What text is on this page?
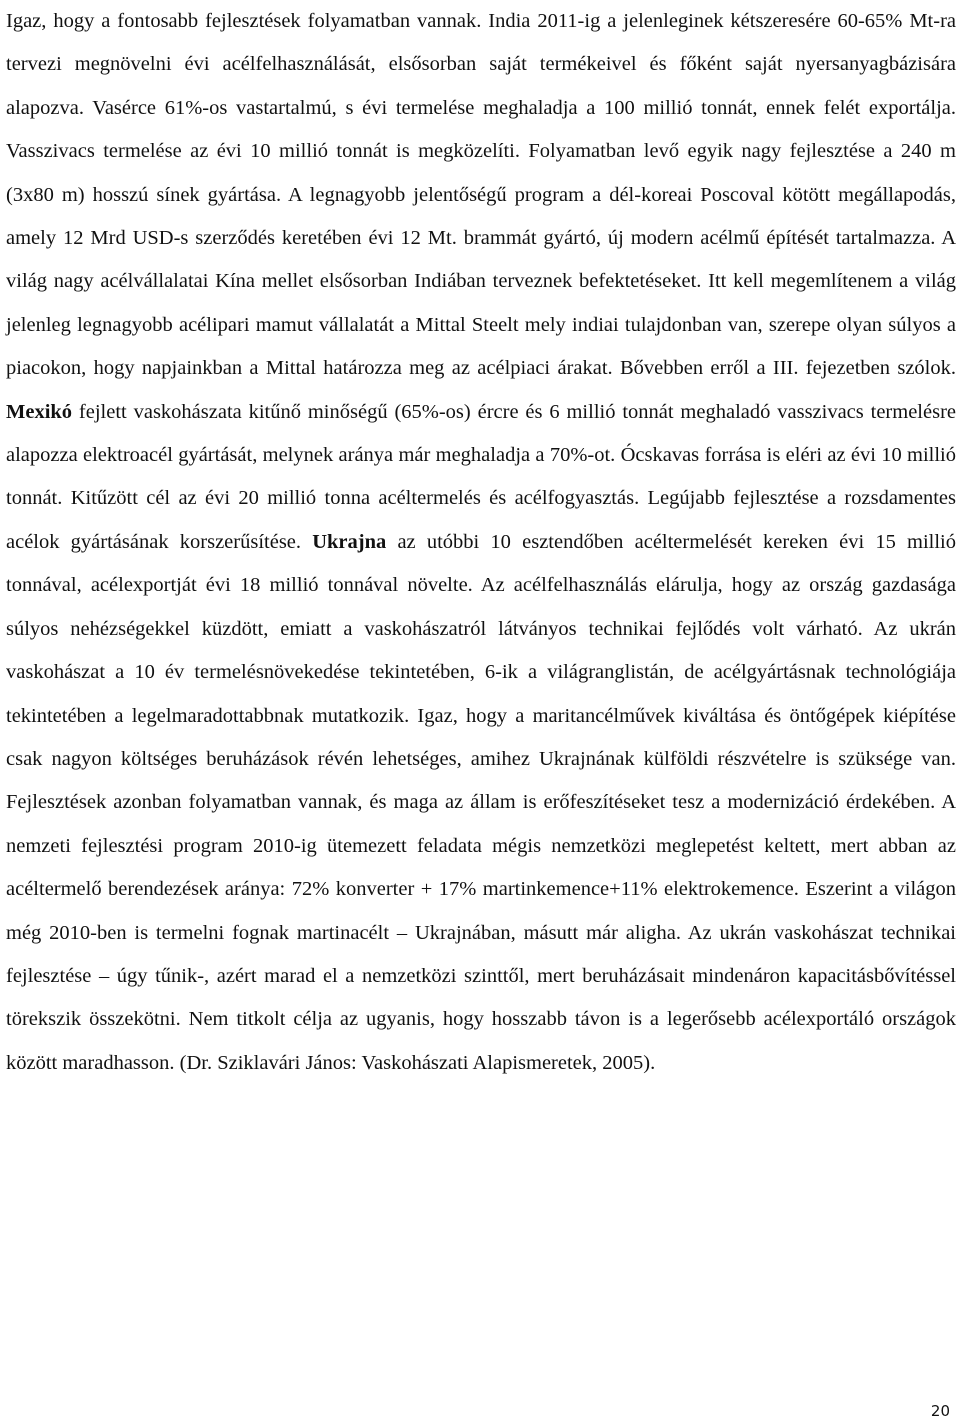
Igaz, hogy a fontosabb fejlesztések folyamatban vannak. India 2011-ig a jelenleginek kétszeresére 60-65% Mt-ra tervezi megnövelni évi acélfelhasználását, elsősorban saját termékeivel és főként saját nyersanyagbázisára alapozva. Vasérce 61%-os vastartalmú, s évi termelése meghaladja a 100 millió tonnát, ennek felét exportálja. Vasszivacs termelése az évi 10 millió tonnát is megközelíti. Folyamatban levő egyik nagy fejlesztése a 240 m (3x80 m) hosszú sínek gyártása. A legnagyobb jelentőségű program a dél-koreai Poscoval kötött megállapodás, amely 12 Mrd USD-s szerződés keretében évi 12 Mt. brammát gyártó, új modern acélmű építését tartalmazza. A világ nagy acélvállalatai Kína mellet elsősorban Indiában terveznek befektetéseket. Itt kell megemlítenem a világ jelenleg legnagyobb acélipari mamut vállalatát a Mittal Steelt mely indiai tulajdonban van, szerepe olyan súlyos a piacokon, hogy napjainkban a Mittal határozza meg az acélpiaci árakat. Bővebben erről a III. fejezetben szólok. Mexikó fejlett vaskohászata kitűnő minőségű (65%-os) ércre és 6 millió tonnát meghaladó vasszivacs termelésre alapozza elektroacél gyártását, melynek aránya már meghaladja a 70%-ot. Ócskavas forrása is eléri az évi 10 millió tonnát. Kitűzött cél az évi 20 millió tonna acéltermelés és acélfogyasztás. Legújabb fejlesztése a rozsdamentes acélok gyártásának korszerűsítése. Ukrajna az utóbbi 10 esztendőben acéltermelését kereken évi 15 millió tonnával, acélexportját évi 18 millió tonnával növelte. Az acélfelhasználás elárulja, hogy az ország gazdasága súlyos nehézségekkel küzdött, emiatt a vaskohászatról látványos technikai fejlődés volt várható. Az ukrán vaskohászat a 10 év termelésnövekedése tekintetében, 6-ik a világranglistán, de acélgyártásnak technológiája tekintetében a legelmaradottabbnak mutatkozik. Igaz, hogy a maritancélművek kiváltása és öntőgépek kiépítése csak nagyon költséges beruházások révén lehetséges, amihez Ukrajnának külföldi részvételre is szüksége van. Fejlesztések azonban folyamatban vannak, és maga az állam is erőfeszítéseket tesz a modernizáció érdekében. A nemzeti fejlesztési program 2010-ig ütemezett feladata mégis nemzetközi meglepetést keltett, mert abban az acéltermelő berendezések aránya: 72% konverter + 17% martinkemence+11% elektrokemence. Eszerint a világon még 2010-ben is termelni fognak martinacélt – Ukrajnában, másutt már aligha. Az ukrán vaskohászat technikai fejlesztése – úgy tűnik-, azért marad el a nemzetközi szinttől, mert beruházásait mindenáron kapacitásbővítéssel törekszik összekötni. Nem titkolt célja az ugyanis, hogy hosszabb távon is a legerősebb acélexportáló országok között maradhasson. (Dr. Sziklavári János: Vaskohászati Alapismeretek, 2005).

20
